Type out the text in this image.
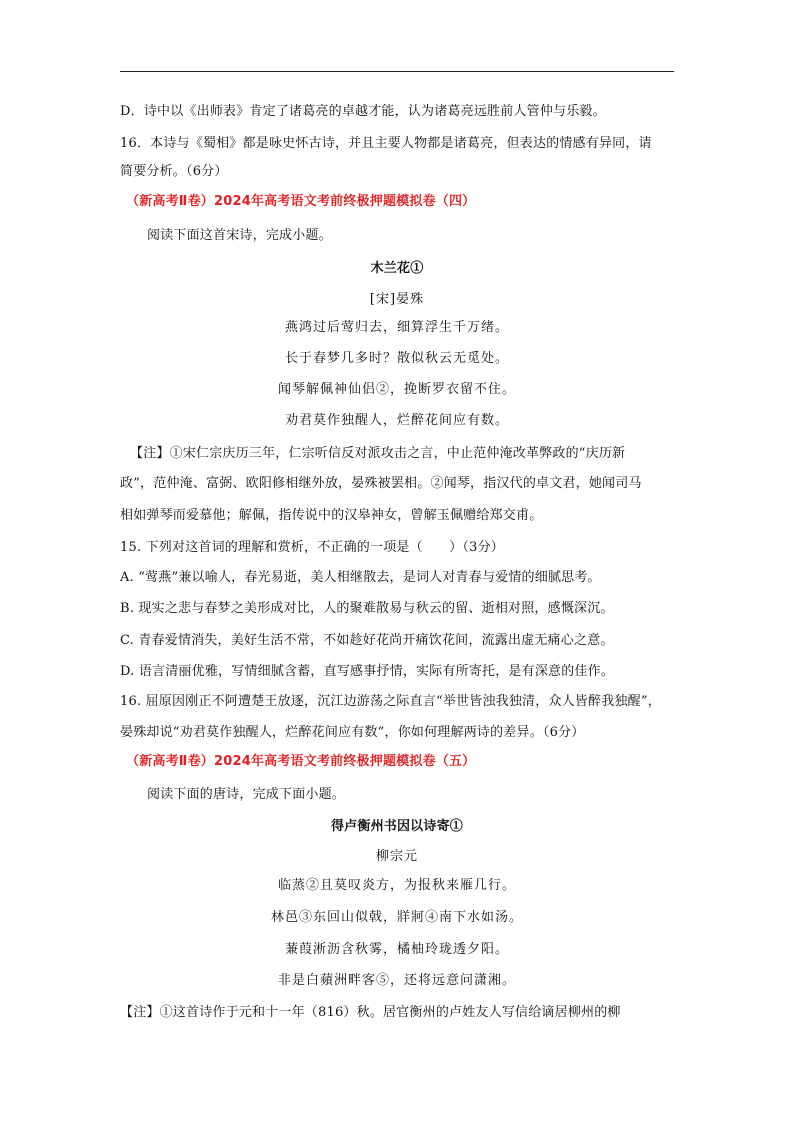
D．诗中以《出师表》肯定了诸葛亮的卓越才能，认为诸葛亮远胜前人管仲与乐毅。
16．本诗与《蜀相》都是咏史怀古诗，并且主要人物都是诸葛亮，但表达的情感有异同，请
简要分析。（6分）
（新高考Ⅱ卷）2024年高考语文考前终极押题模拟卷（四）
阅读下面这首宋诗，完成小题。
木兰花①
[宋]晏殊
燕鸿过后莺归去，细算浮生千万绪。
长于春梦几多时？散似秋云无觅处。
闻琴解佩神仙侣②，挽断罗衣留不住。
劝君莫作独醒人，烂醉花间应有数。
【注】①宋仁宗庆历三年，仁宗听信反对派攻击之言，中止范仲淹改革弊政的“庆历新
政”，范仲淹、富弼、欧阳修相继外放，晏殊被罢相。②闻琴，指汉代的卓文君，她闻司马
相如弹琴而爱慕他；解佩，指传说中的汉皋神女，曾解玉佩赠给郑交甫。
15. 下列对这首词的理解和赏析，不正确的一项是（　　）（3分）
A. “莺燕”兼以喻人，春光易逝，美人相继散去，是词人对青春与爱情的细腻思考。
B. 现实之悲与春梦之美形成对比，人的聚难散易与秋云的留、逝相对照，感慨深沉。
C. 青春爱情消失，美好生活不常，不如趁好花尚开痛饮花间，流露出虚无痛心之意。
D. 语言清丽优雅，写情细腻含蓄，直写感事抒情，实际有所寄托，是有深意的佳作。
16. 屈原因刚正不阿遭楚王放逐，沉江边游荡之际直言“举世皆浊我独清，众人皆醉我独醒”，
晏殊却说“劝君莫作独醒人，烂醉花间应有数”，你如何理解两诗的差异。（6分）
（新高考Ⅱ卷）2024年高考语文考前终极押题模拟卷（五）
阅读下面的唐诗，完成下面小题。
得卢衡州书因以诗寄①
柳宗元
临蒸②且莫叹炎方，为报秋来雁几行。
林邑③东回山似戟，牂牁④南下水如汤。
蒹葭淅沥含秋雾，橘柚玲珑透夕阳。
非是白蘋洲畔客⑤，还将远意问潇湘。
【注】①这首诗作于元和十一年（816）秋。居官衡州的卢姓友人写信给谪居柳州的柳
